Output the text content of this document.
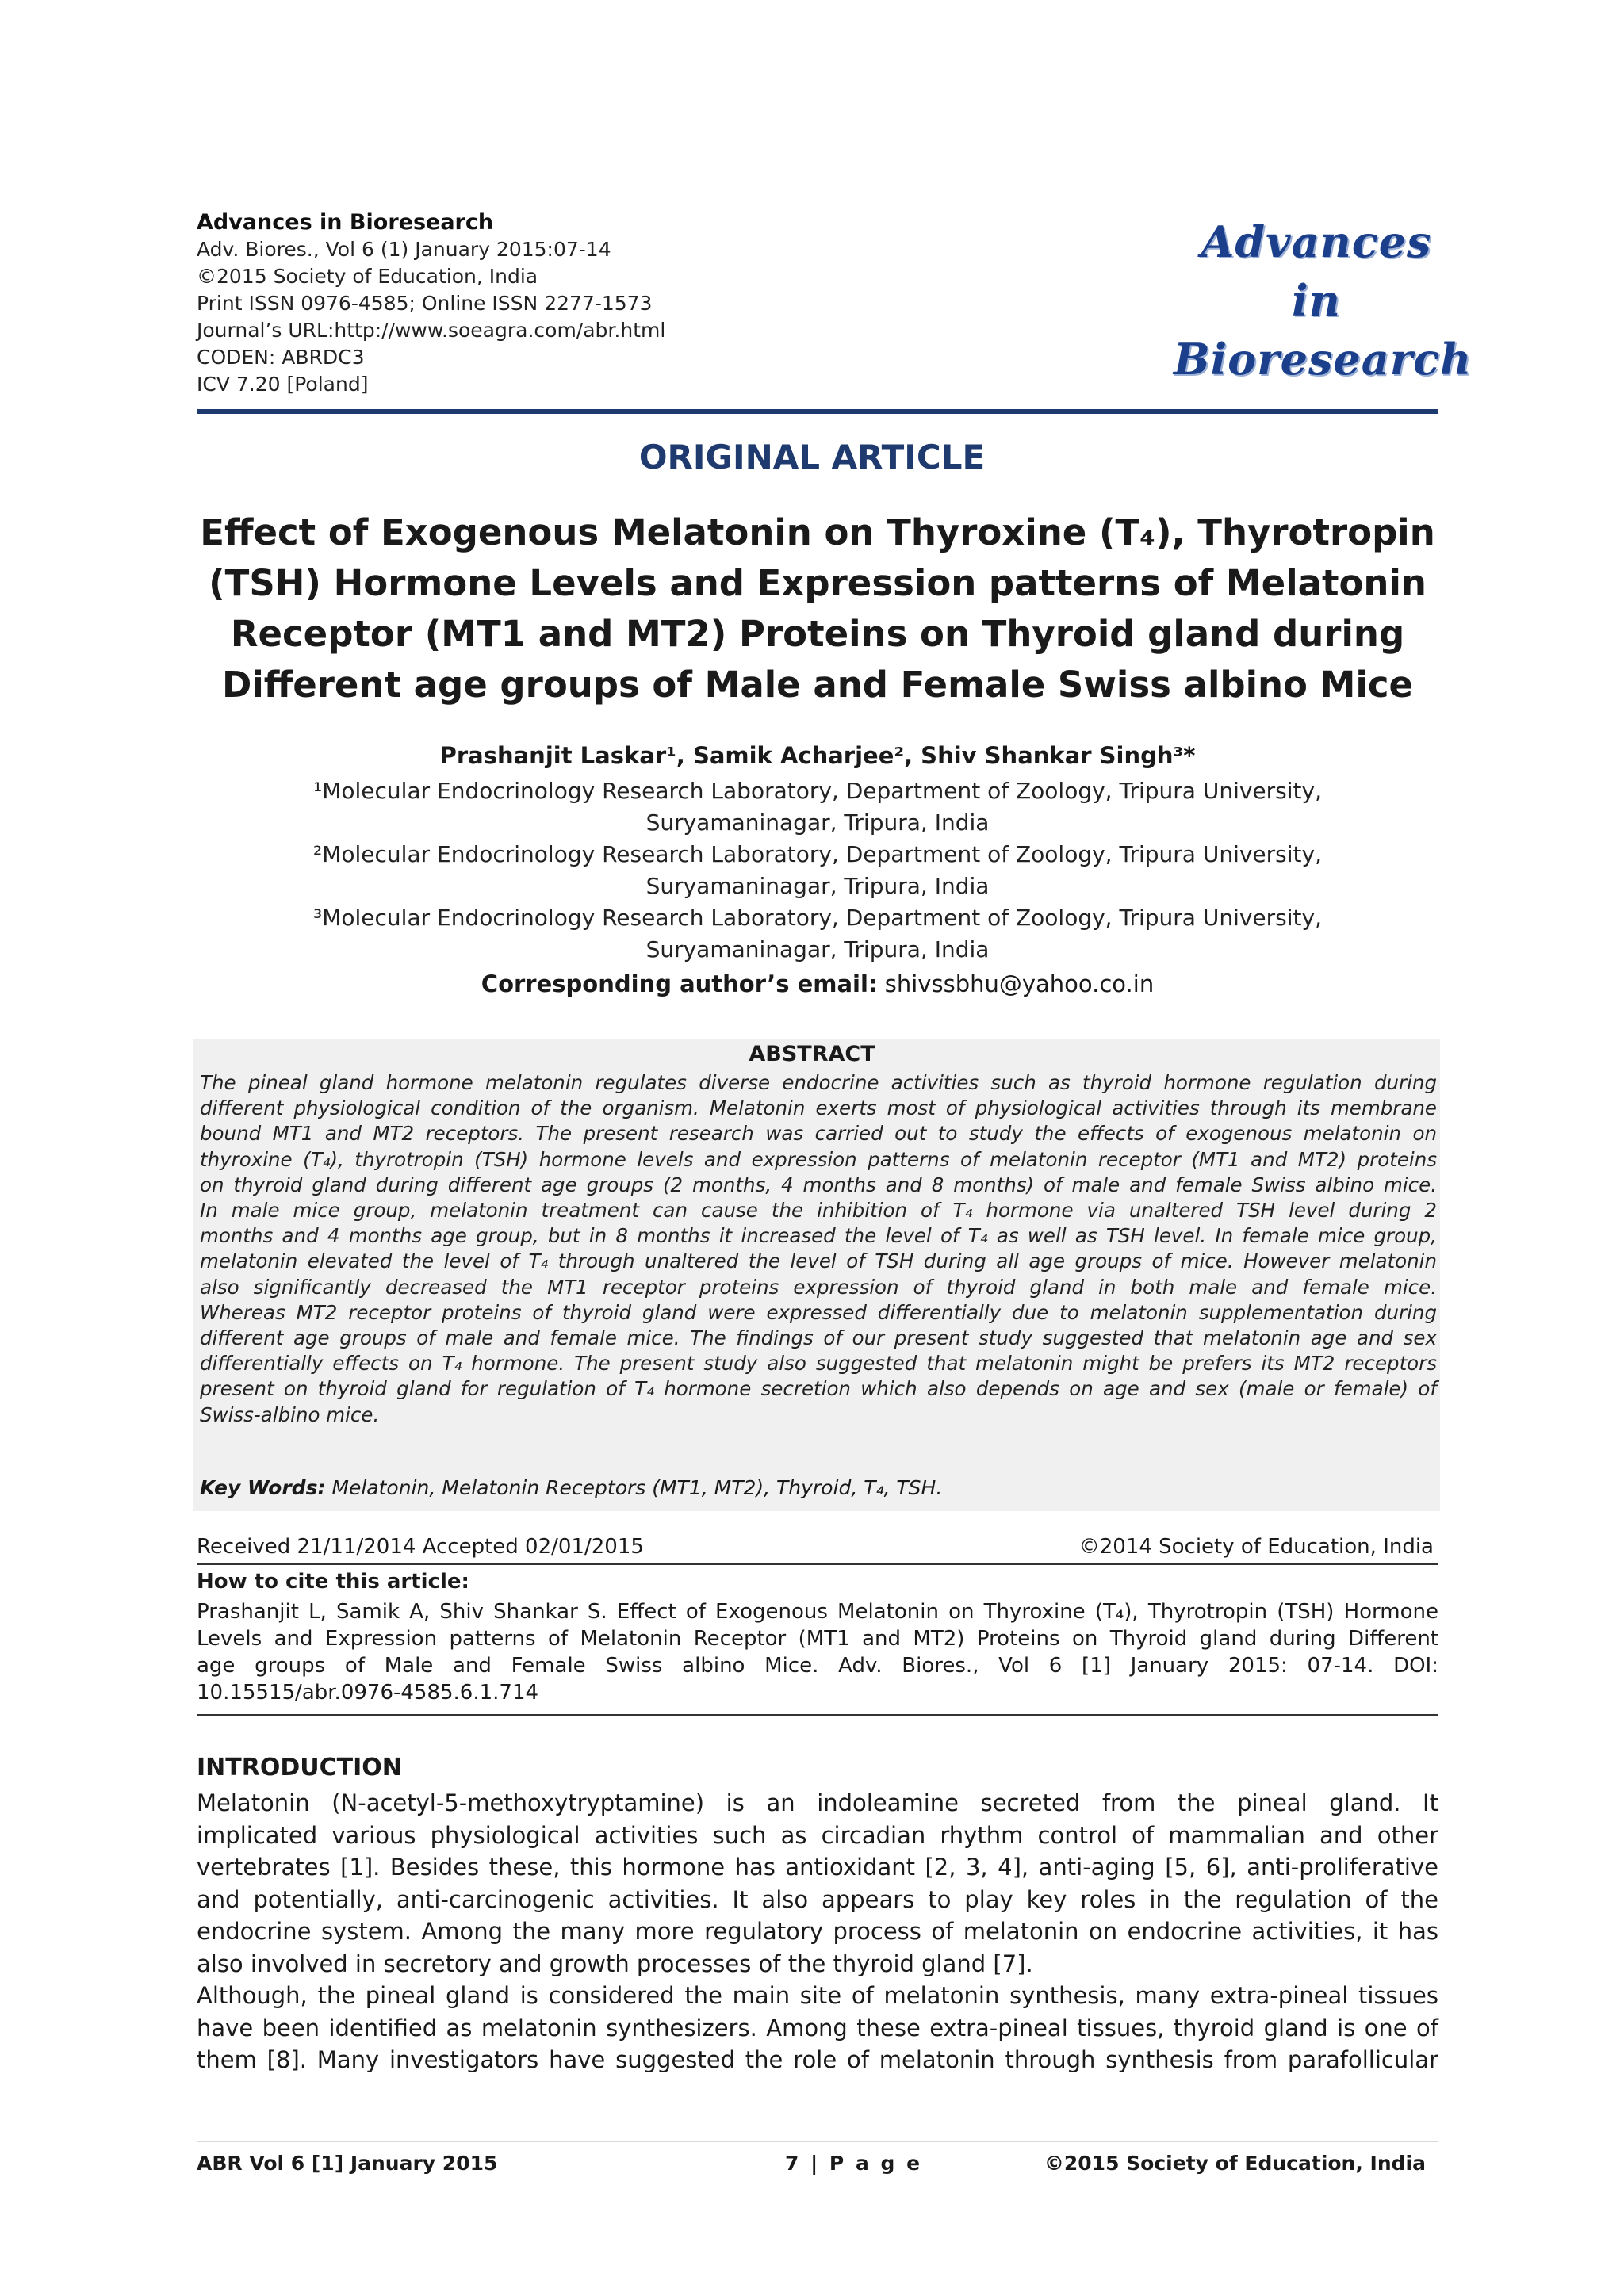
Advances in Bioresearch
Adv. Biores., Vol 6 (1) January 2015:07-14
©2015 Society of Education, India
Print ISSN 0976-4585; Online ISSN 2277-1573
Journal’s URL:http://www.soeagra.com/abr.html
CODEN: ABRDC3
ICV 7.20 [Poland]
Advances
in
Bioresearch
ORIGINAL ARTICLE
Effect of Exogenous Melatonin on Thyroxine (T₄), Thyrotropin
(TSH) Hormone Levels and Expression patterns of Melatonin
Receptor (MT1 and MT2) Proteins on Thyroid gland during
Different age groups of Male and Female Swiss albino Mice
Prashanjit Laskar¹, Samik Acharjee², Shiv Shankar Singh³*
¹Molecular Endocrinology Research Laboratory, Department of Zoology, Tripura University,
Suryamaninagar, Tripura, India
²Molecular Endocrinology Research Laboratory, Department of Zoology, Tripura University,
Suryamaninagar, Tripura, India
³Molecular Endocrinology Research Laboratory, Department of Zoology, Tripura University,
Suryamaninagar, Tripura, India
Corresponding author’s email: shivssbhu@yahoo.co.in
ABSTRACT
The pineal gland hormone melatonin regulates diverse endocrine activities such as thyroid hormone regulation during
different physiological condition of the organism. Melatonin exerts most of physiological activities through its membrane
bound MT1 and MT2 receptors. The present research was carried out to study the effects of exogenous melatonin on
thyroxine (T₄), thyrotropin (TSH) hormone levels and expression patterns of melatonin receptor (MT1 and MT2) proteins
on thyroid gland during different age groups (2 months, 4 months and 8 months) of male and female Swiss albino mice.
In male mice group, melatonin treatment can cause the inhibition of T₄ hormone via unaltered TSH level during 2
months and 4 months age group, but in 8 months it increased the level of T₄ as well as TSH level. In female mice group,
melatonin elevated the level of T₄ through unaltered the level of TSH during all age groups of mice. However melatonin
also significantly decreased the MT1 receptor proteins expression of thyroid gland in both male and female mice.
Whereas MT2 receptor proteins of thyroid gland were expressed differentially due to melatonin supplementation during
different age groups of male and female mice. The findings of our present study suggested that melatonin age and sex
differentially effects on T₄ hormone. The present study also suggested that melatonin might be prefers its MT2 receptors
present on thyroid gland for regulation of T₄ hormone secretion which also depends on age and sex (male or female) of
Swiss-albino mice.
Key Words: Melatonin, Melatonin Receptors (MT1, MT2), Thyroid, T₄, TSH.
Received 21/11/2014 Accepted 02/01/2015	©2014 Society of Education, India
How to cite this article:
Prashanjit L, Samik A, Shiv Shankar S. Effect of Exogenous Melatonin on Thyroxine (T₄), Thyrotropin (TSH) Hormone
Levels and Expression patterns of Melatonin Receptor (MT1 and MT2) Proteins on Thyroid gland during Different
age groups of Male and Female Swiss albino Mice. Adv. Biores., Vol 6 [1] January 2015: 07-14. DOI:
10.15515/abr.0976-4585.6.1.714
INTRODUCTION
Melatonin (N-acetyl-5-methoxytryptamine) is an indoleamine secreted from the pineal gland. It
implicated various physiological activities such as circadian rhythm control of mammalian and other
vertebrates [1]. Besides these, this hormone has antioxidant [2, 3, 4], anti-aging [5, 6], anti-proliferative
and potentially, anti-carcinogenic activities. It also appears to play key roles in the regulation of the
endocrine system. Among the many more regulatory process of melatonin on endocrine activities, it has
also involved in secretory and growth processes of the thyroid gland [7].
Although, the pineal gland is considered the main site of melatonin synthesis, many extra-pineal tissues
have been identified as melatonin synthesizers. Among these extra-pineal tissues, thyroid gland is one of
them [8]. Many investigators have suggested the role of melatonin through synthesis from parafollicular
ABR Vol 6 [1] January 2015	7 | P a g e	©2015 Society of Education, India
